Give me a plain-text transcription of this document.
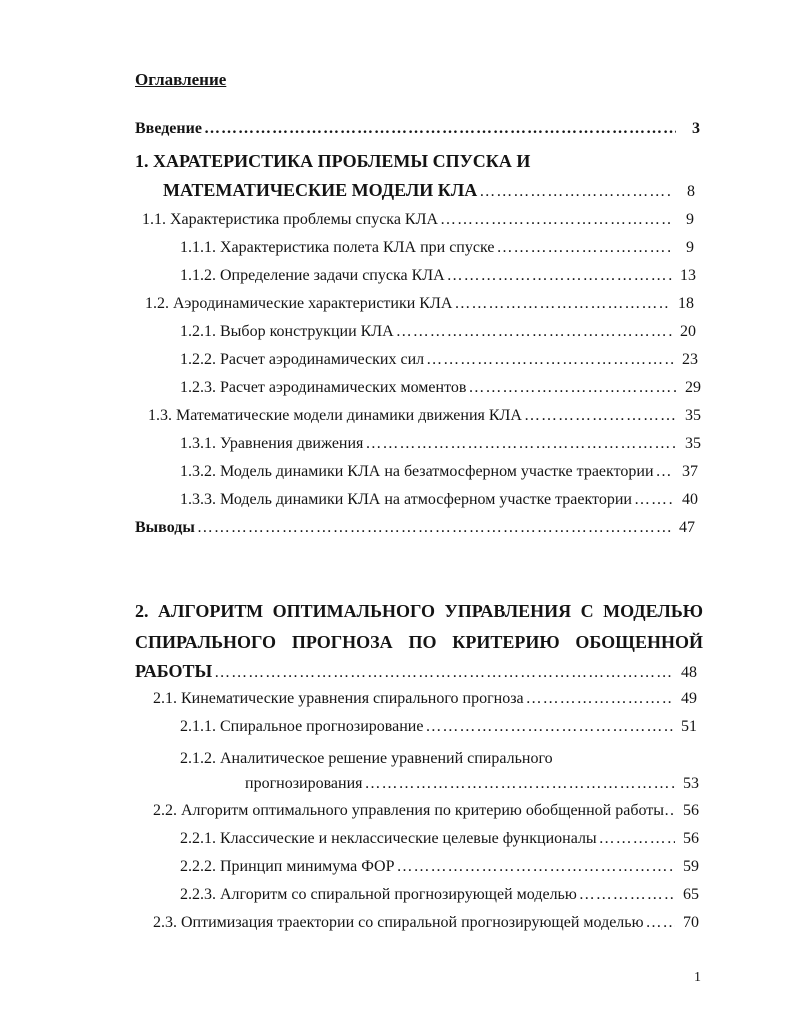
Оглавление
Введение …………………………………………………………………………………………………………………………………………………………………………………………	3
1. ХАРАТЕРИСТИКА ПРОБЛЕМЫ СПУСКА И
МАТЕМАТИЧЕСКИЕ МОДЕЛИ КЛА …………………………………………………………………………………………………………………………………………………………………………………………	8
1.1. Характеристика проблемы спуска КЛА …………………………………………………………………………………………………………………………………………………………………………………………	9
1.1.1. Характеристика полета КЛА при спуске …………………………………………………………………………………………………………………………………………………………………………………………	9
1.1.2. Определение задачи спуска КЛА …………………………………………………………………………………………………………………………………………………………………………………………	13
1.2. Аэродинамические характеристики КЛА …………………………………………………………………………………………………………………………………………………………………………………………	18
1.2.1. Выбор конструкции КЛА …………………………………………………………………………………………………………………………………………………………………………………………	20
1.2.2. Расчет аэродинамических сил …………………………………………………………………………………………………………………………………………………………………………………………	23
1.2.3. Расчет аэродинамических моментов …………………………………………………………………………………………………………………………………………………………………………………………	29
1.3. Математические модели динамики движения КЛА …………………………………………………………………………………………………………………………………………………………………………………………	35
1.3.1. Уравнения движения …………………………………………………………………………………………………………………………………………………………………………………………	35
1.3.2. Модель динамики КЛА на безатмосферном участке траектории ………………………………………………………………………………………………………………………………………………………………………………………… 37
1.3.3. Модель динамики КЛА на атмосферном участке траектории …………………………………………………………………………………………………………………………………………………………………………………………	40
Выводы …………………………………………………………………………………………………………………………………………………………………………………………	47
2. АЛГОРИТМ ОПТИМАЛЬНОГО УПРАВЛЕНИЯ С МОДЕЛЬЮ
СПИРАЛЬНОГО ПРОГНОЗА ПО КРИТЕРИЮ ОБОЩЕННОЙ
РАБОТЫ …………………………………………………………………………………………………………………………………………………………………………………………	48
2.1. Кинематические уравнения спирального прогноза …………………………………………………………………………………………………………………………………………………………………………………………	49
2.1.1. Спиральное прогнозирование …………………………………………………………………………………………………………………………………………………………………………………………	51
2.1.2. Аналитическое решение уравнений спирального
прогнозирования …………………………………………………………………………………………………………………………………………………………………………………………	53
2.2. Алгоритм оптимального управления по критерию обобщенной работы ………………………………………………………………………………………………………………………………………………………………………………………… 56
2.2.1. Классические и неклассические целевые функционалы …………………………………………………………………………………………………………………………………………………………………………………………	56
2.2.2. Принцип минимума ФОР …………………………………………………………………………………………………………………………………………………………………………………………	59
2.2.3. Алгоритм со спиральной прогнозирующей моделью …………………………………………………………………………………………………………………………………………………………………………………………	65
2.3. Оптимизация траектории со спиральной прогнозирующей моделью ………………………………………………………………………………………………………………………………………………………………………………………… 70
1
